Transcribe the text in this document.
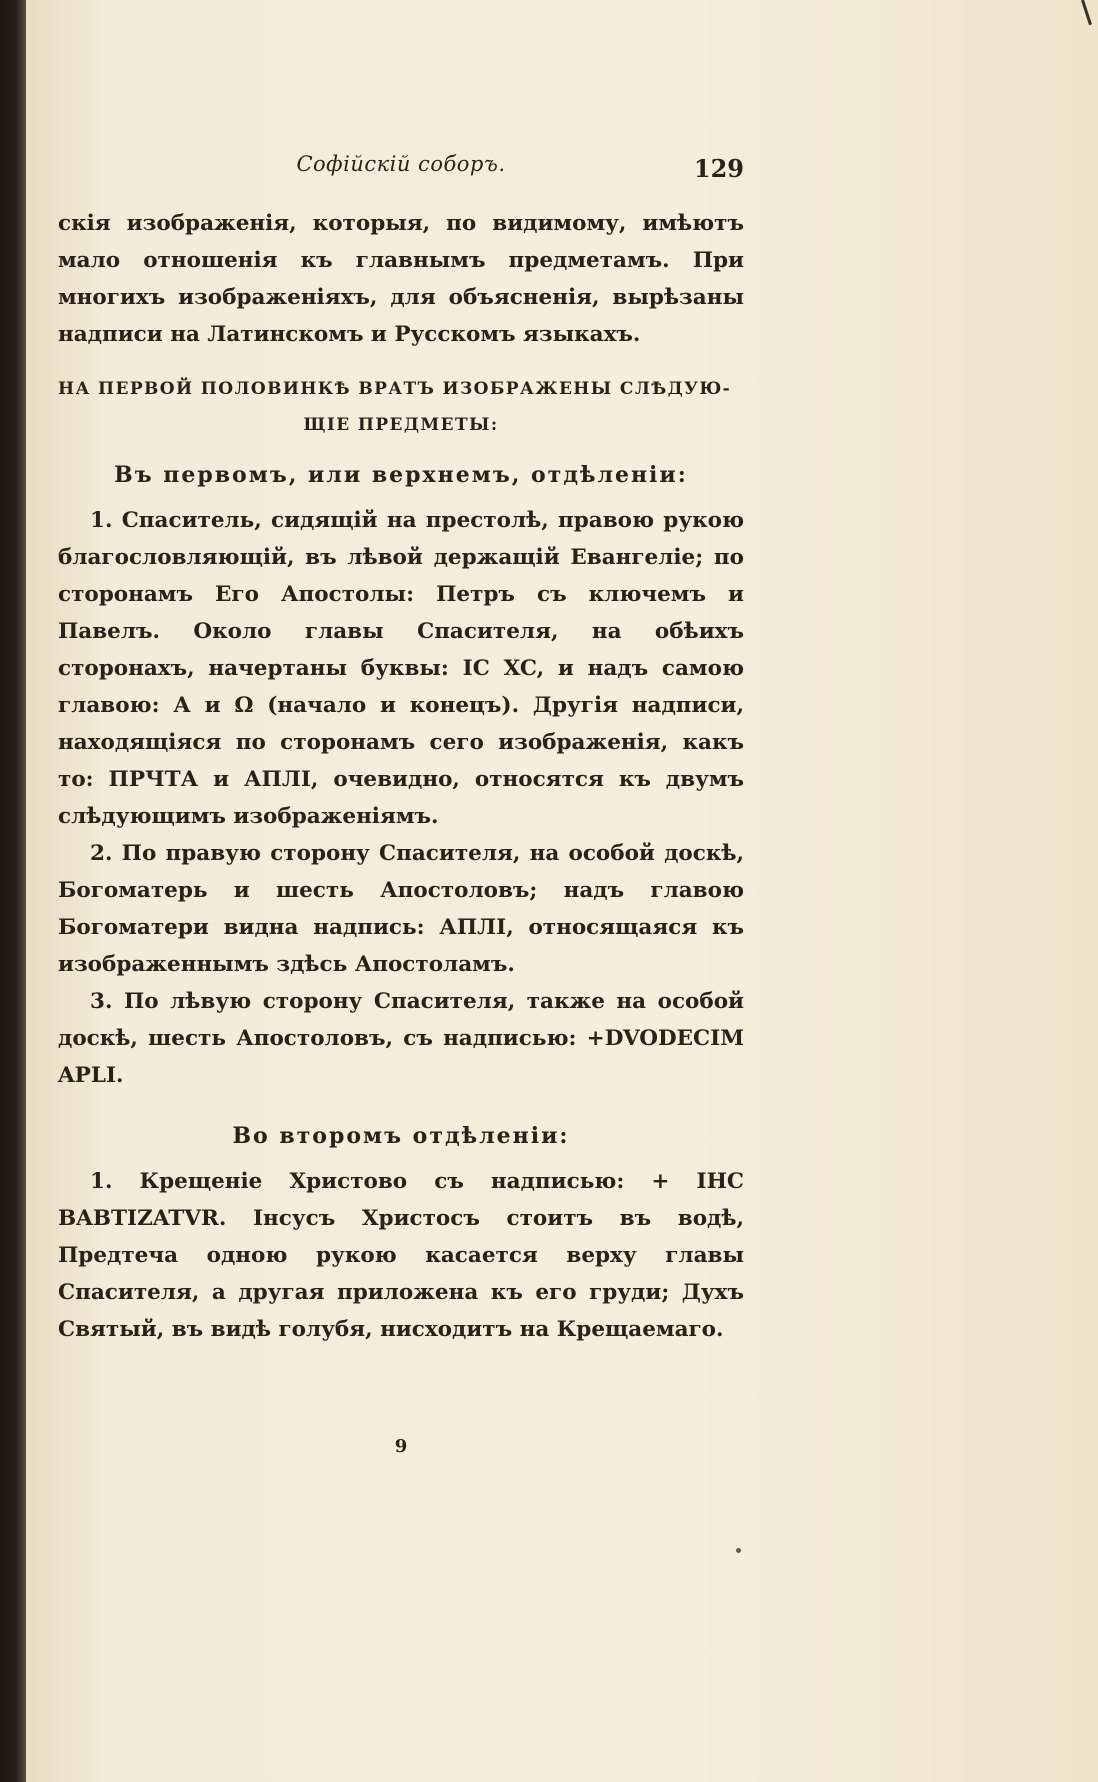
Софійскій соборъ.	129

скія изображенія, которыя, по видимому, имѣютъ мало отношенія къ главнымъ предметамъ. При многихъ изображеніяхъ, для объясненія, вырѣзаны надписи на Латинскомъ и Русскомъ языкахъ.

НА ПЕРВОЙ ПОЛОВИНКѢ ВРАТЪ ИЗОБРАЖЕНЫ СЛѢДУЮ-
ЩІЕ ПРЕДМЕТЫ:

Въ первомъ, или верхнемъ, отдѣленіи:

1. Спаситель, сидящій на престолѣ, правою рукою благословляющій, въ лѣвой держащій Евангеліе; по сторонамъ Его Апостолы: Петръ съ ключемъ и Павелъ. Около главы Спасителя, на обѣихъ сторонахъ, начертаны буквы: IC XC, и надъ самою главою: А и Ω (начало и конецъ). Другія надписи, находящіяся по сторонамъ сего изображенія, какъ то: ПРЧТА и АПЛІ, очевидно, относятся къ двумъ слѣдующимъ изображеніямъ.

2. По правую сторону Спасителя, на особой доскѣ, Богоматерь и шесть Апостоловъ; надъ главою Богоматери видна надпись: АПЛІ, относящаяся къ изображеннымъ здѣсь Апостоламъ.

3. По лѣвую сторону Спасителя, также на особой доскѣ, шесть Апостоловъ, съ надписью: +DVODECIM APLI.

Во второмъ отдѣленіи:

1. Крещеніе Христово съ надписью: + IHC BABTIZATVR. Інсусъ Христосъ стоитъ въ водѣ, Предтеча одною рукою касается верху главы Спасителя, а другая приложена къ его груди; Духъ Святый, въ видѣ голубя, нисходитъ на Крещаемаго.

9
